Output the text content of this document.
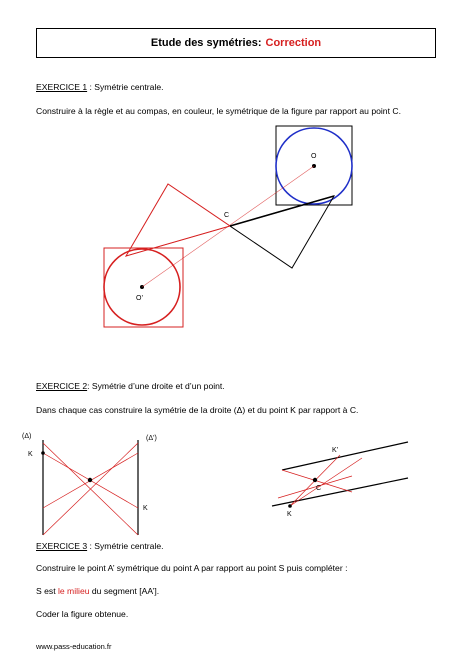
Etude des symétries: Correction
EXERCICE 1 : Symétrie centrale.
Construire à la règle et au compas, en couleur, le symétrique de la figure par rapport au point C.
O
O’
C
EXERCICE 2: Symétrie d’une droite et d’un point.
Dans chaque cas construire la symétrie de la droite (Δ) et du point K par rapport à C.
(Δ)	(Δ’)
K
K
K’
C
K
EXERCICE 3 : Symétrie centrale.
Construire le point A’ symétrique du point A par rapport au point S puis compléter :
S est le milieu du segment [AA’].
Coder la figure obtenue.
www.pass-education.fr
